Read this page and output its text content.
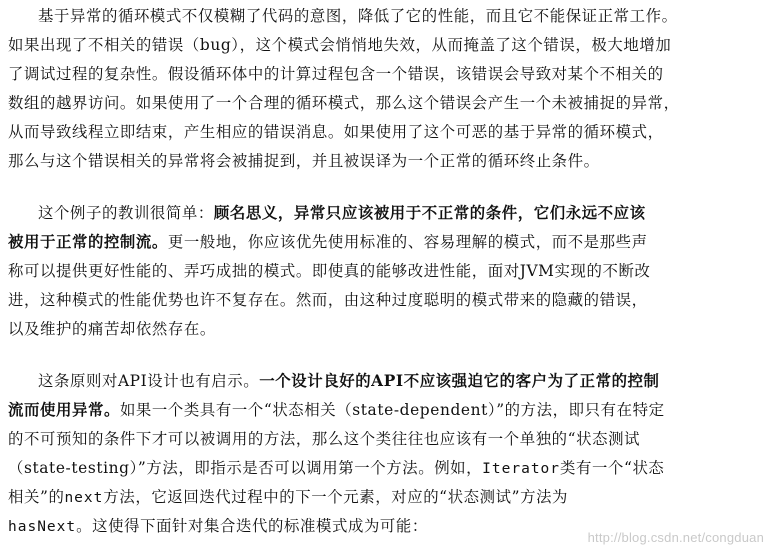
基于异常的循环模式不仅模糊了代码的意图，降低了它的性能，而且它不能保证正常工作。
如果出现了不相关的错误（bug），这个模式会悄悄地失效，从而掩盖了这个错误，极大地增加
了调试过程的复杂性。假设循环体中的计算过程包含一个错误，该错误会导致对某个不相关的
数组的越界访问。如果使用了一个合理的循环模式，那么这个错误会产生一个未被捕捉的异常，
从而导致线程立即结束，产生相应的错误消息。如果使用了这个可恶的基于异常的循环模式，
那么与这个错误相关的异常将会被捕捉到，并且被误译为一个正常的循环终止条件。
这个例子的教训很简单：顾名思义，异常只应该被用于不正常的条件，它们永远不应该
被用于正常的控制流。更一般地，你应该优先使用标准的、容易理解的模式，而不是那些声
称可以提供更好性能的、弄巧成拙的模式。即使真的能够改进性能，面对JVM实现的不断改
进，这种模式的性能优势也许不复存在。然而，由这种过度聪明的模式带来的隐藏的错误，
以及维护的痛苦却依然存在。
这条原则对API设计也有启示。一个设计良好的API不应该强迫它的客户为了正常的控制
流而使用异常。如果一个类具有一个“状态相关（state-dependent）”的方法，即只有在特定
的不可预知的条件下才可以被调用的方法，那么这个类往往也应该有一个单独的“状态测试
（state-testing）”方法，即指示是否可以调用第一个方法。例如，Iterator类有一个“状态
相关”的next方法，它返回迭代过程中的下一个元素，对应的“状态测试”方法为
hasNext。这使得下面针对集合迭代的标准模式成为可能：
http://blog.csdn.net/congduan
